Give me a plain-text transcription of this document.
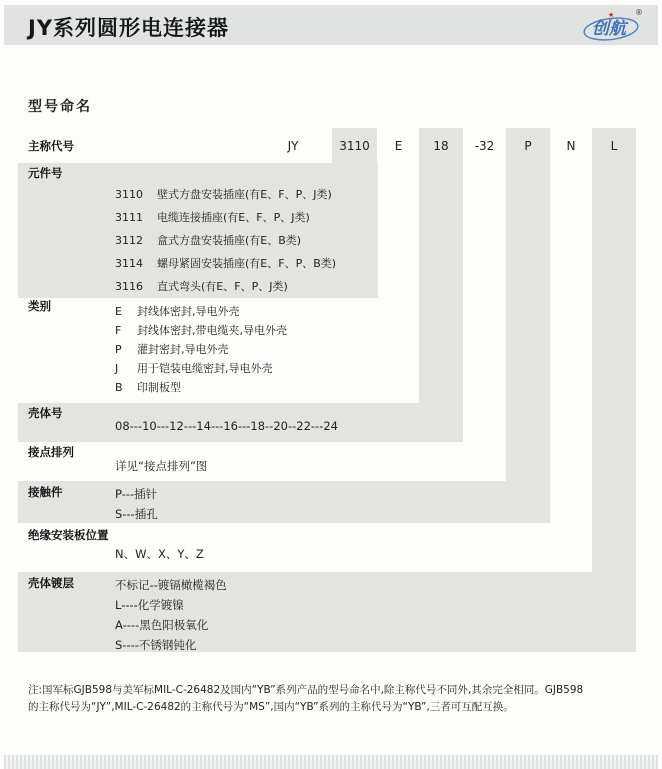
JY系列圆形电连接器
★
创航
®
型号命名
主称代号	JY	3110	E	18	-32	P	N	L
元件号
3110 壁式方盘安装插座(有E、F、P、J类)
3111 电缆连接插座(有E、F、P、J类)
3112 盒式方盘安装插座(有E、B类)
3114 螺母紧固安装插座(有E、F、P、B类)
3116 直式弯头(有E、F、P、J类)
类别	E 封线体密封,导电外壳
F 封线体密封,带电缆夹,导电外壳
P 灌封密封,导电外壳
J 用于铠装电缆密封,导电外壳
B 印制板型
壳体号
08---10---12---14---16---18--20--22---24
接点排列
详见“接点排列”图
接触件	P---插针
S---插孔
绝缘安装板位置
N、W、X、Y、Z
壳体镀层	不标记--镀镉橄榄褐色
L----化学镀镍
A----黑色阳极氧化
S----不锈钢钝化
注:国军标GJB598与美军标MIL-C-26482及国内“YB”系列产品的型号命名中,除主称代号不同外,其余完全相同。GJB598
的主称代号为“JY”,MIL-C-26482的主称代号为“MS”,国内“YB”系列的主称代号为“YB”,三者可互配互换。
